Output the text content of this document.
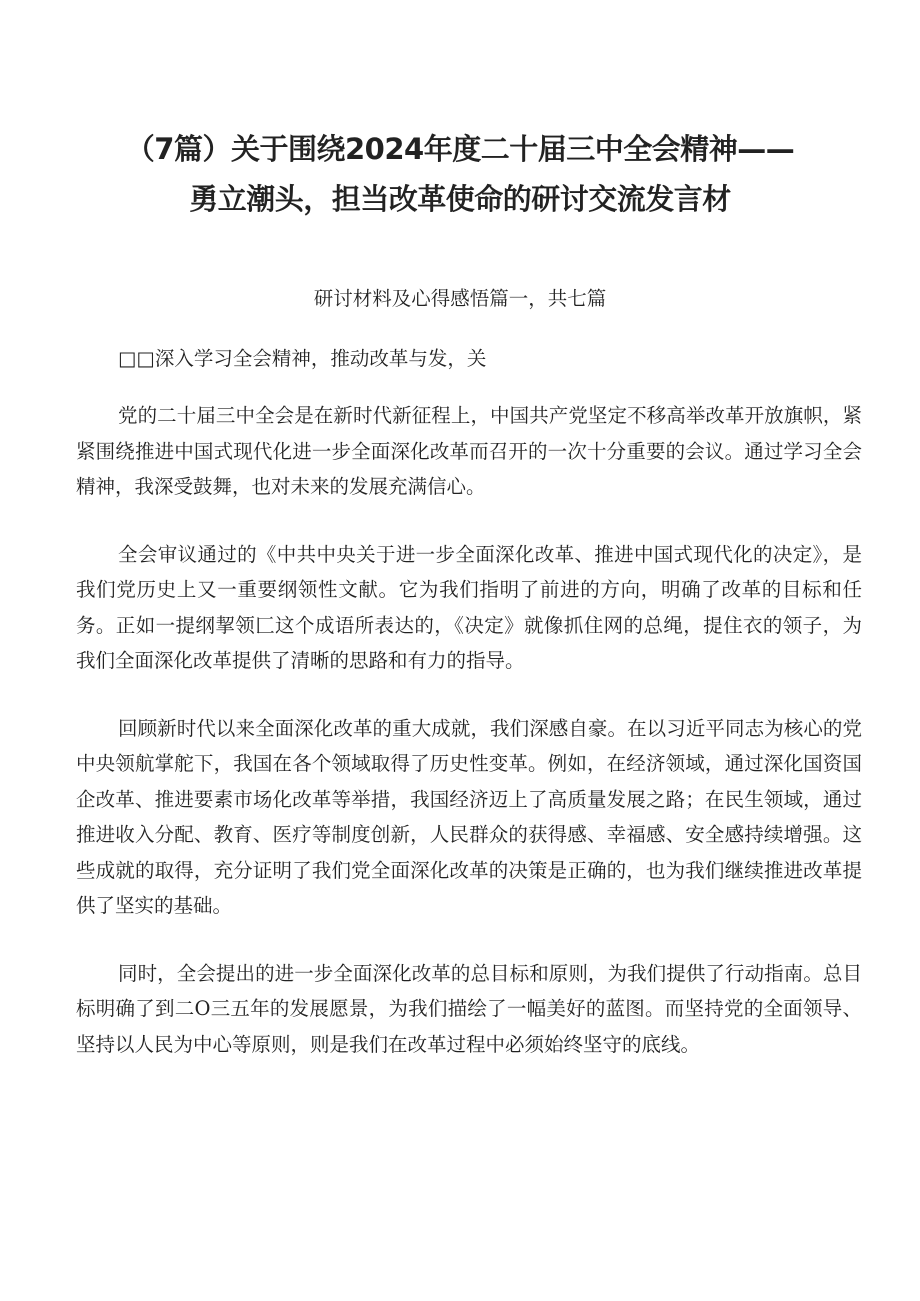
（7篇）关于围绕2024年度二十届三中全会精神——
勇立潮头，担当改革使命的研讨交流发言材
研讨材料及心得感悟篇一，共七篇
□□深入学习全会精神，推动改革与发，关

党的二十届三中全会是在新时代新征程上，中国共产党坚定不移高举改革开放旗帜，紧紧围绕推进中国式现代化进一步全面深化改革而召开的一次十分重要的会议。通过学习全会精神，我深受鼓舞，也对未来的发展充满信心。

全会审议通过的《中共中央关于进一步全面深化改革、推进中国式现代化的决定》，是我们党历史上又一重要纲领性文献。它为我们指明了前进的方向，明确了改革的目标和任务。正如一提纲挈领匚这个成语所表达的，《决定》就像抓住网的总绳，提住衣的领子，为我们全面深化改革提供了清晰的思路和有力的指导。

回顾新时代以来全面深化改革的重大成就，我们深感自豪。在以习近平同志为核心的党中央领航掌舵下，我国在各个领域取得了历史性变革。例如，在经济领域，通过深化国资国企改革、推进要素市场化改革等举措，我国经济迈上了高质量发展之路；在民生领域，通过推进收入分配、教育、医疗等制度创新，人民群众的获得感、幸福感、安全感持续增强。这些成就的取得，充分证明了我们党全面深化改革的决策是正确的，也为我们继续推进改革提供了坚实的基础。

同时，全会提出的进一步全面深化改革的总目标和原则，为我们提供了行动指南。总目标明确了到二O三五年的发展愿景，为我们描绘了一幅美好的蓝图。而坚持党的全面领导、坚持以人民为中心等原则，则是我们在改革过程中必须始终坚守的底线。
